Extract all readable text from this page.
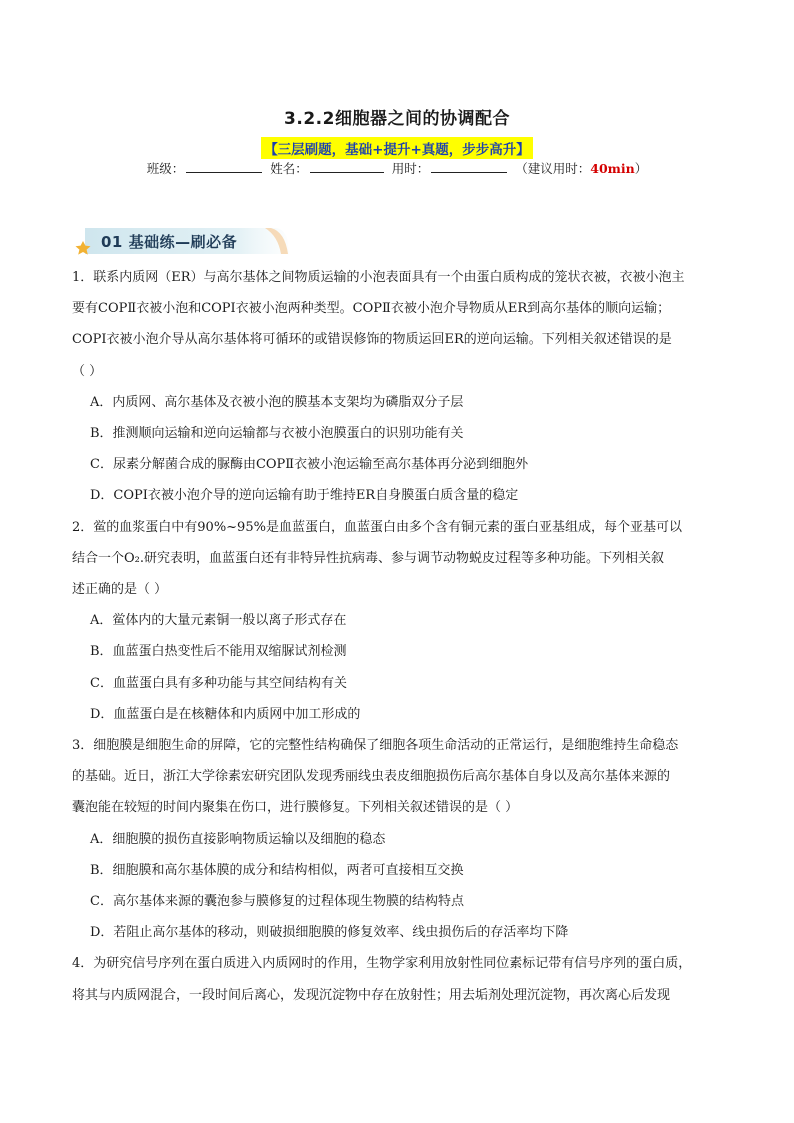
3.2.2细胞器之间的协调配合
【三层刷题，基础+提升+真题，步步高升】
班级：	姓名：	用时：	（建议用时：40min）
01 基础练—刷必备

1．联系内质网（ER）与高尔基体之间物质运输的小泡表面具有一个由蛋白质构成的笼状衣被，衣被小泡主

要有COPⅡ衣被小泡和COPI衣被小泡两种类型。COPⅡ衣被小泡介导物质从ER到高尔基体的顺向运输；

COPI衣被小泡介导从高尔基体将可循环的或错误修饰的物质运回ER的逆向运输。下列相关叙述错误的是

（ ）

A．内质网、高尔基体及衣被小泡的膜基本支架均为磷脂双分子层

B．推测顺向运输和逆向运输都与衣被小泡膜蛋白的识别功能有关

C．尿素分解菌合成的脲酶由COPⅡ衣被小泡运输至高尔基体再分泌到细胞外

D．COPI衣被小泡介导的逆向运输有助于维持ER自身膜蛋白质含量的稳定

2．鲎的血浆蛋白中有90%~95%是血蓝蛋白，血蓝蛋白由多个含有铜元素的蛋白亚基组成，每个亚基可以

结合一个O₂.研究表明，血蓝蛋白还有非特异性抗病毒、参与调节动物蜕皮过程等多种功能。下列相关叙

述正确的是（ ）

A．鲎体内的大量元素铜一般以离子形式存在

B．血蓝蛋白热变性后不能用双缩脲试剂检测

C．血蓝蛋白具有多种功能与其空间结构有关

D．血蓝蛋白是在核糖体和内质网中加工形成的

3．细胞膜是细胞生命的屏障，它的完整性结构确保了细胞各项生命活动的正常运行，是细胞维持生命稳态

的基础。近日，浙江大学徐素宏研究团队发现秀丽线虫表皮细胞损伤后高尔基体自身以及高尔基体来源的

囊泡能在较短的时间内聚集在伤口，进行膜修复。下列相关叙述错误的是（ ）

A．细胞膜的损伤直接影响物质运输以及细胞的稳态

B．细胞膜和高尔基体膜的成分和结构相似，两者可直接相互交换

C．高尔基体来源的囊泡参与膜修复的过程体现生物膜的结构特点

D．若阻止高尔基体的移动，则破损细胞膜的修复效率、线虫损伤后的存活率均下降

4．为研究信号序列在蛋白质进入内质网时的作用，生物学家利用放射性同位素标记带有信号序列的蛋白质，

将其与内质网混合，一段时间后离心，发现沉淀物中存在放射性；用去垢剂处理沉淀物，再次离心后发现
